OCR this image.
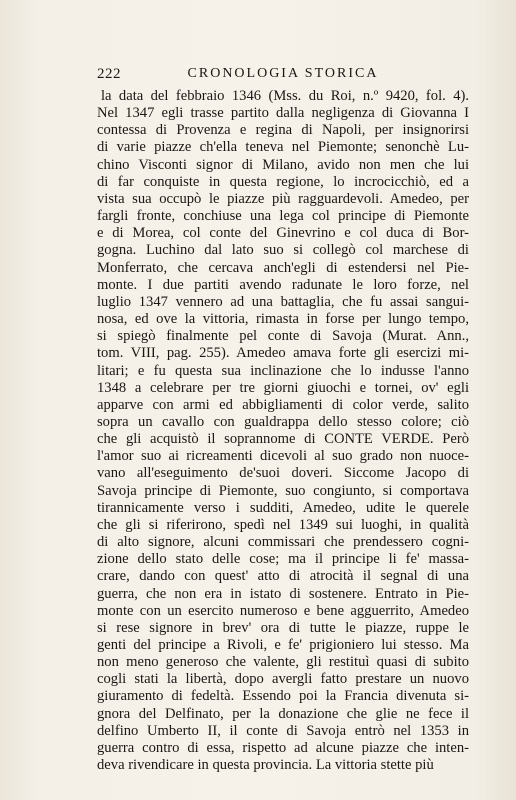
222	CRONOLOGIA STORICA
la data del febbraio 1346 (Mss. du Roi, n.º 9420, fol. 4).
Nel 1347 egli trasse partito dalla negligenza di Giovanna I
contessa di Provenza e regina di Napoli, per insignorirsi
di varie piazze ch'ella teneva nel Piemonte; senonchè Lu-
chino Visconti signor di Milano, avido non men che lui
di far conquiste in questa regione, lo incrocicchiò, ed a
vista sua occupò le piazze più ragguardevoli. Amedeo, per
fargli fronte, conchiuse una lega col principe di Piemonte
e di Morea, col conte del Ginevrino e col duca di Bor-
gogna. Luchino dal lato suo si collegò col marchese di
Monferrato, che cercava anch'egli di estendersi nel Pie-
monte. I due partiti avendo radunate le loro forze, nel
luglio 1347 vennero ad una battaglia, che fu assai sangui-
nosa, ed ove la vittoria, rimasta in forse per lungo tempo,
si spiegò finalmente pel conte di Savoja (Murat. Ann.,
tom. VIII, pag. 255). Amedeo amava forte gli esercizi mi-
litari; e fu questa sua inclinazione che lo indusse l'anno
1348 a celebrare per tre giorni giuochi e tornei, ov' egli
apparve con armi ed abbigliamenti di color verde, salito
sopra un cavallo con gualdrappa dello stesso colore; ciò
che gli acquistò il soprannome di CONTE VERDE. Però
l'amor suo ai ricreamenti dicevoli al suo grado non nuoce-
vano all'eseguimento de'suoi doveri. Siccome Jacopo di
Savoja principe di Piemonte, suo congiunto, si comportava
tirannicamente verso i sudditi, Amedeo, udite le querele
che gli si riferirono, spedì nel 1349 sui luoghi, in qualità
di alto signore, alcuni commissari che prendessero cogni-
zione dello stato delle cose; ma il principe li fe' massa-
crare, dando con quest' atto di atrocità il segnal di una
guerra, che non era in istato di sostenere. Entrato in Pie-
monte con un esercito numeroso e bene agguerrito, Amedeo
si rese signore in brev' ora di tutte le piazze, ruppe le
genti del principe a Rivoli, e fe' prigioniero lui stesso. Ma
non meno generoso che valente, gli restituì quasi di subito
cogli stati la libertà, dopo avergli fatto prestare un nuovo
giuramento di fedeltà. Essendo poi la Francia divenuta si-
gnora del Delfinato, per la donazione che glie ne fece il
delfino Umberto II, il conte di Savoja entrò nel 1353 in
guerra contro di essa, rispetto ad alcune piazze che inten-
deva rivendicare in questa provincia. La vittoria stette più
